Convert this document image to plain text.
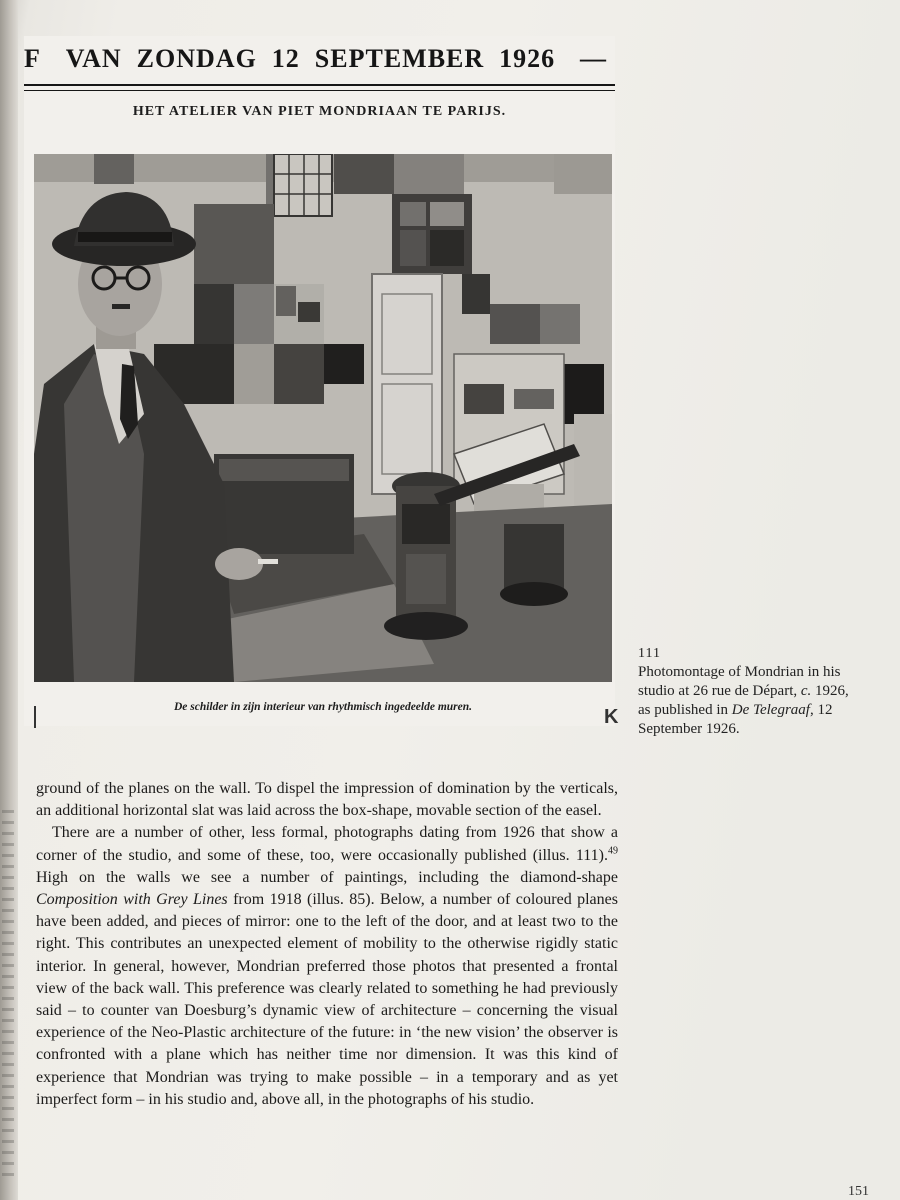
F VAN  ZONDAG  12  SEPTEMBER  1926 —
HET ATELIER VAN PIET MONDRIAAN TE PARIJS.
De schilder in zijn interieur van rhythmisch ingedeelde muren.	K
111
Photomontage of Mondrian in his
studio at 26 rue de Départ, c. 1926,
as published in De Telegraaf, 12
September 1926.

ground of the planes on the wall. To dispel the impression of domination by the verticals, an additional horizontal slat was laid across the box-shape, movable section of the easel.

There are a number of other, less formal, photographs dating from 1926 that show a corner of the studio, and some of these, too, were occasionally published (illus. 111).$^{49}$ High on the walls we see a number of paintings, including the diamond-shape Composition with Grey Lines from 1918 (illus. 85). Below, a number of coloured planes have been added, and pieces of mirror: one to the left of the door, and at least two to the right. This contributes an unexpected element of mobility to the otherwise rigidly static interior. In general, however, Mondrian preferred those photos that presented a frontal view of the back wall. This preference was clearly related to something he had previously said – to counter van Doesburg’s dynamic view of architecture – concerning the visual experience of the Neo-Plastic architecture of the future: in ‘the new vision’ the observer is confronted with a plane which has neither time nor dimension. It was this kind of experience that Mondrian was trying to make possible – in a temporary and as yet imperfect form – in his studio and, above all, in the photographs of his studio.

151
